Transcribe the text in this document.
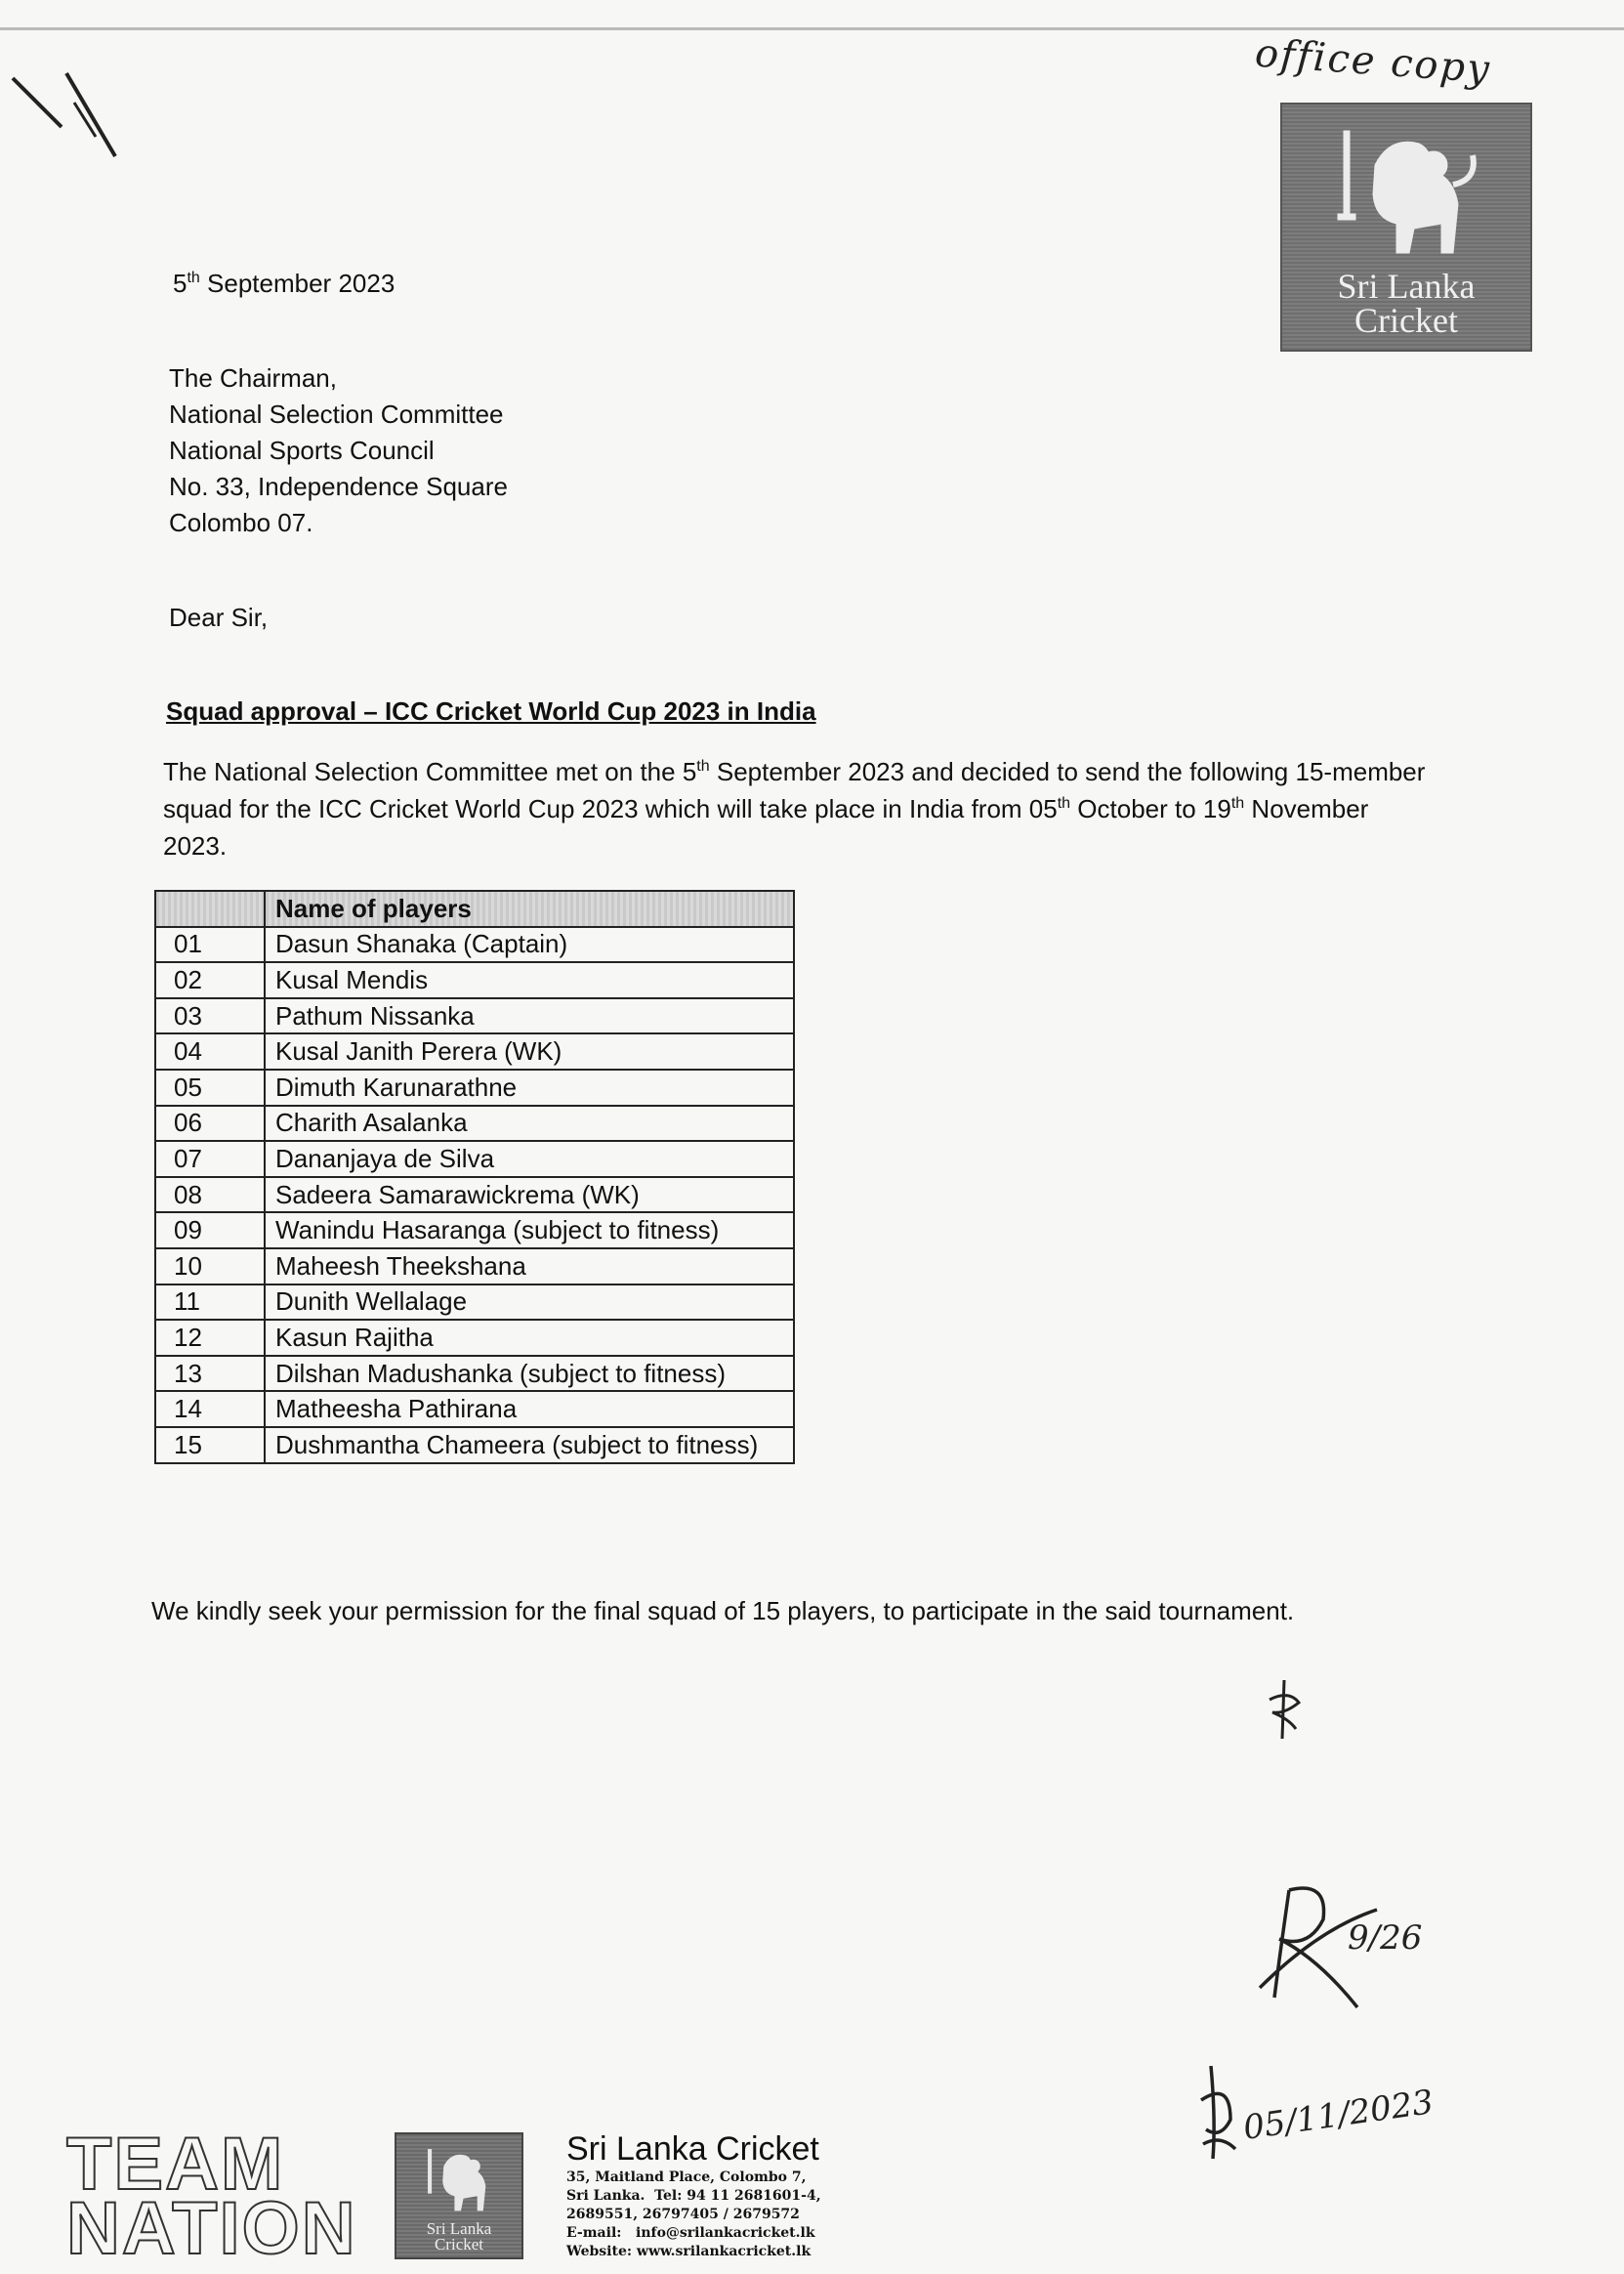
office copy
Sri Lanka
Cricket
5th September 2023
The Chairman,
National Selection Committee
National Sports Council
No. 33, Independence Square
Colombo 07.
Dear Sir,
Squad approval – ICC Cricket World Cup 2023 in India
The National Selection Committee met on the 5th September 2023 and decided to send the following 15-member squad for the ICC Cricket World Cup 2023 which will take place in India from 05th October to 19th November 2023.
	Name of players
01	Dasun Shanaka (Captain)
02	Kusal Mendis
03	Pathum Nissanka
04	Kusal Janith Perera (WK)
05	Dimuth Karunarathne
06	Charith Asalanka
07	Dananjaya de Silva
08	Sadeera Samarawickrema (WK)
09	Wanindu Hasaranga (subject to fitness)
10	Maheesh Theekshana
11	Dunith Wellalage
12	Kasun Rajitha
13	Dilshan Madushanka (subject to fitness)
14	Matheesha Pathirana
15	Dushmantha Chameera (subject to fitness)
We kindly seek your permission for the final squad of 15 players, to participate in the said tournament.
9/26
05/11/2023
TEAM
NATION	Sri Lanka
Cricket
Sri Lanka Cricket
35, Maitland Place, Colombo 7,
Sri Lanka.  Tel: 94 11 2681601-4,
2689551, 26797405 / 2679572
E-mail:   info@srilankacricket.lk
Website: www.srilankacricket.lk
